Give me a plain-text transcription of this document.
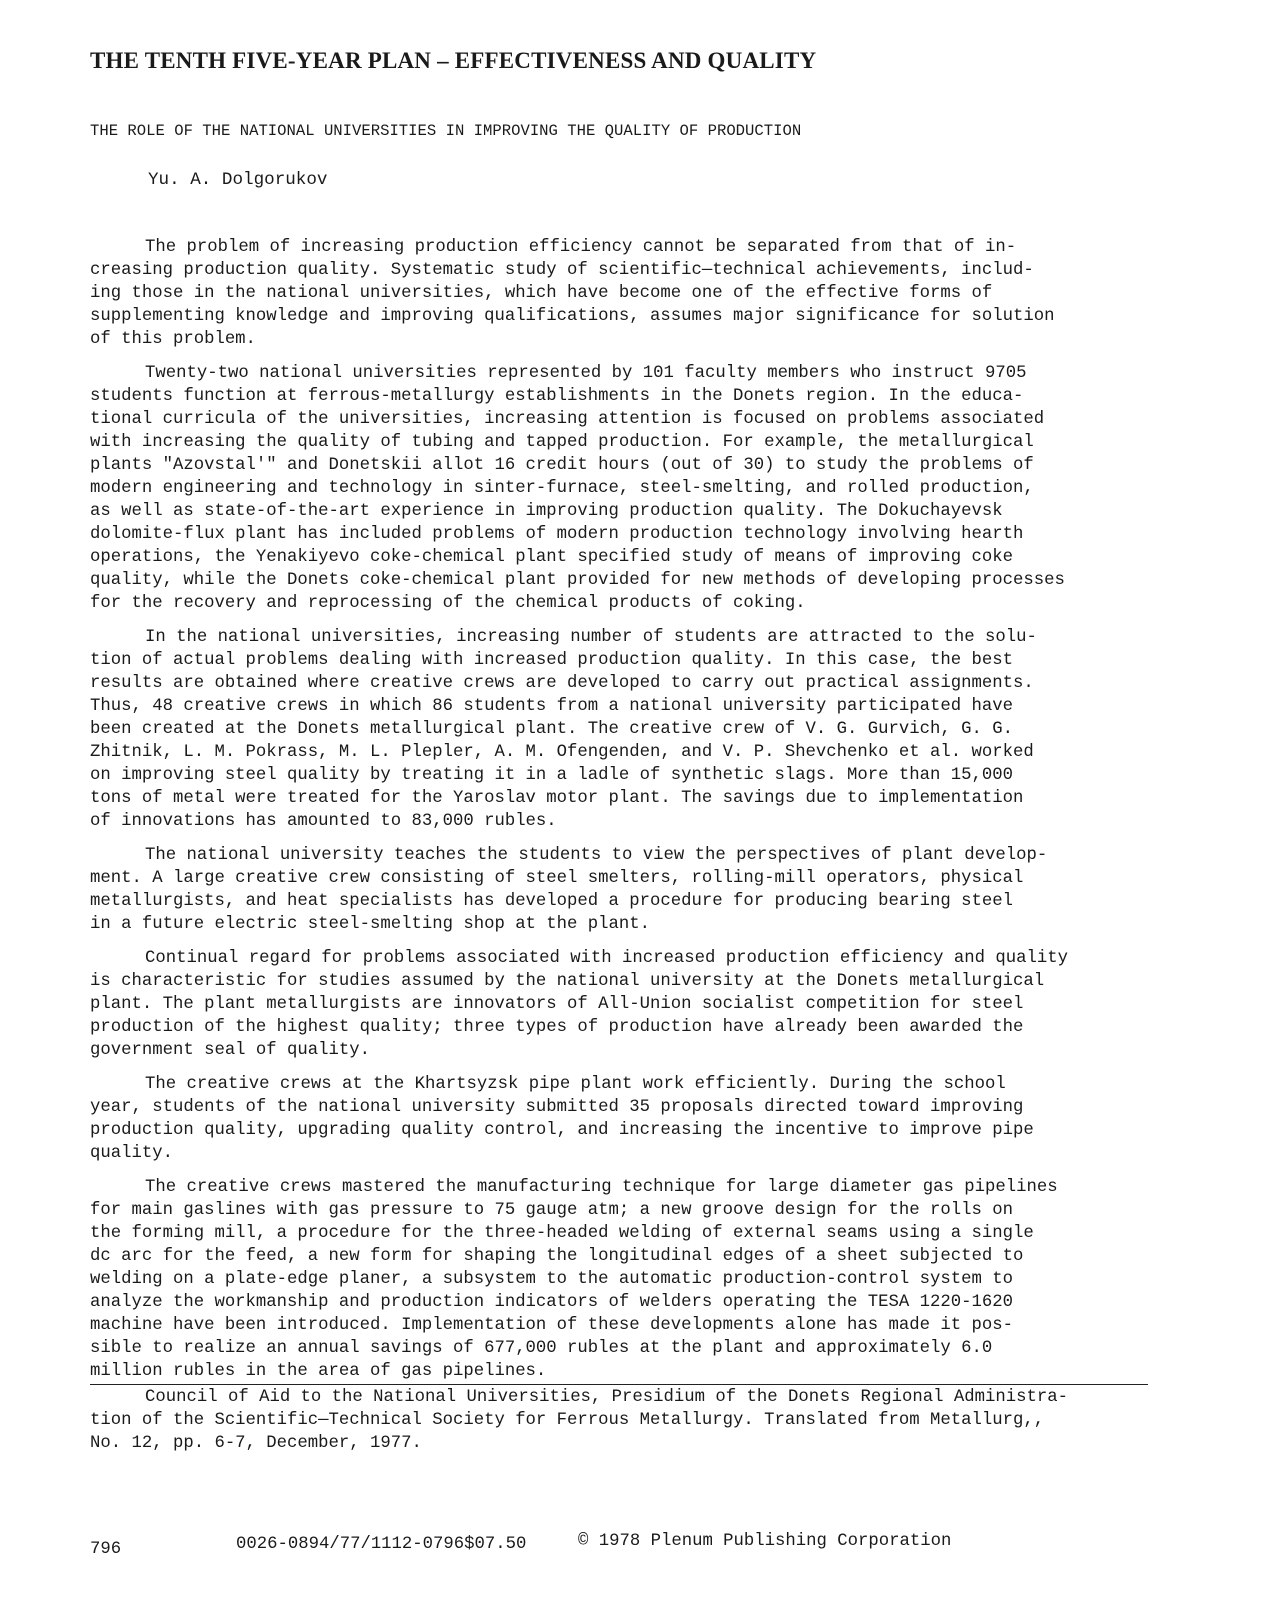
THE TENTH FIVE-YEAR PLAN – EFFECTIVENESS AND QUALITY
THE ROLE OF THE NATIONAL UNIVERSITIES IN IMPROVING THE QUALITY OF PRODUCTION
Yu. A. Dolgorukov
The problem of increasing production efficiency cannot be separated from that of in-
creasing production quality. Systematic study of scientific—technical achievements, includ-
ing those in the national universities, which have become one of the effective forms of
supplementing knowledge and improving qualifications, assumes major significance for solution
of this problem.
Twenty-two national universities represented by 101 faculty members who instruct 9705
students function at ferrous-metallurgy establishments in the Donets region. In the educa-
tional curricula of the universities, increasing attention is focused on problems associated
with increasing the quality of tubing and tapped production. For example, the metallurgical
plants "Azovstal'" and Donetskii allot 16 credit hours (out of 30) to study the problems of
modern engineering and technology in sinter-furnace, steel-smelting, and rolled production,
as well as state-of-the-art experience in improving production quality. The Dokuchayevsk
dolomite-flux plant has included problems of modern production technology involving hearth
operations, the Yenakiyevo coke-chemical plant specified study of means of improving coke
quality, while the Donets coke-chemical plant provided for new methods of developing processes
for the recovery and reprocessing of the chemical products of coking.
In the national universities, increasing number of students are attracted to the solu-
tion of actual problems dealing with increased production quality. In this case, the best
results are obtained where creative crews are developed to carry out practical assignments.
Thus, 48 creative crews in which 86 students from a national university participated have
been created at the Donets metallurgical plant. The creative crew of V. G. Gurvich, G. G.
Zhitnik, L. M. Pokrass, M. L. Plepler, A. M. Ofengenden, and V. P. Shevchenko et al. worked
on improving steel quality by treating it in a ladle of synthetic slags. More than 15,000
tons of metal were treated for the Yaroslav motor plant. The savings due to implementation
of innovations has amounted to 83,000 rubles.
The national university teaches the students to view the perspectives of plant develop-
ment. A large creative crew consisting of steel smelters, rolling-mill operators, physical
metallurgists, and heat specialists has developed a procedure for producing bearing steel
in a future electric steel-smelting shop at the plant.
Continual regard for problems associated with increased production efficiency and quality
is characteristic for studies assumed by the national university at the Donets metallurgical
plant. The plant metallurgists are innovators of All-Union socialist competition for steel
production of the highest quality; three types of production have already been awarded the
government seal of quality.
The creative crews at the Khartsyzsk pipe plant work efficiently. During the school
year, students of the national university submitted 35 proposals directed toward improving
production quality, upgrading quality control, and increasing the incentive to improve pipe
quality.
The creative crews mastered the manufacturing technique for large diameter gas pipelines
for main gaslines with gas pressure to 75 gauge atm; a new groove design for the rolls on
the forming mill, a procedure for the three-headed welding of external seams using a single
dc arc for the feed, a new form for shaping the longitudinal edges of a sheet subjected to
welding on a plate-edge planer, a subsystem to the automatic production-control system to
analyze the workmanship and production indicators of welders operating the TESA 1220-1620
machine have been introduced. Implementation of these developments alone has made it pos-
sible to realize an annual savings of 677,000 rubles at the plant and approximately 6.0
million rubles in the area of gas pipelines.
Council of Aid to the National Universities, Presidium of the Donets Regional Administra-
tion of the Scientific—Technical Society for Ferrous Metallurgy. Translated from Metallurg,,
No. 12, pp. 6-7, December, 1977.
796	0026-0894/77/1112-0796$07.50	© 1978 Plenum Publishing Corporation
